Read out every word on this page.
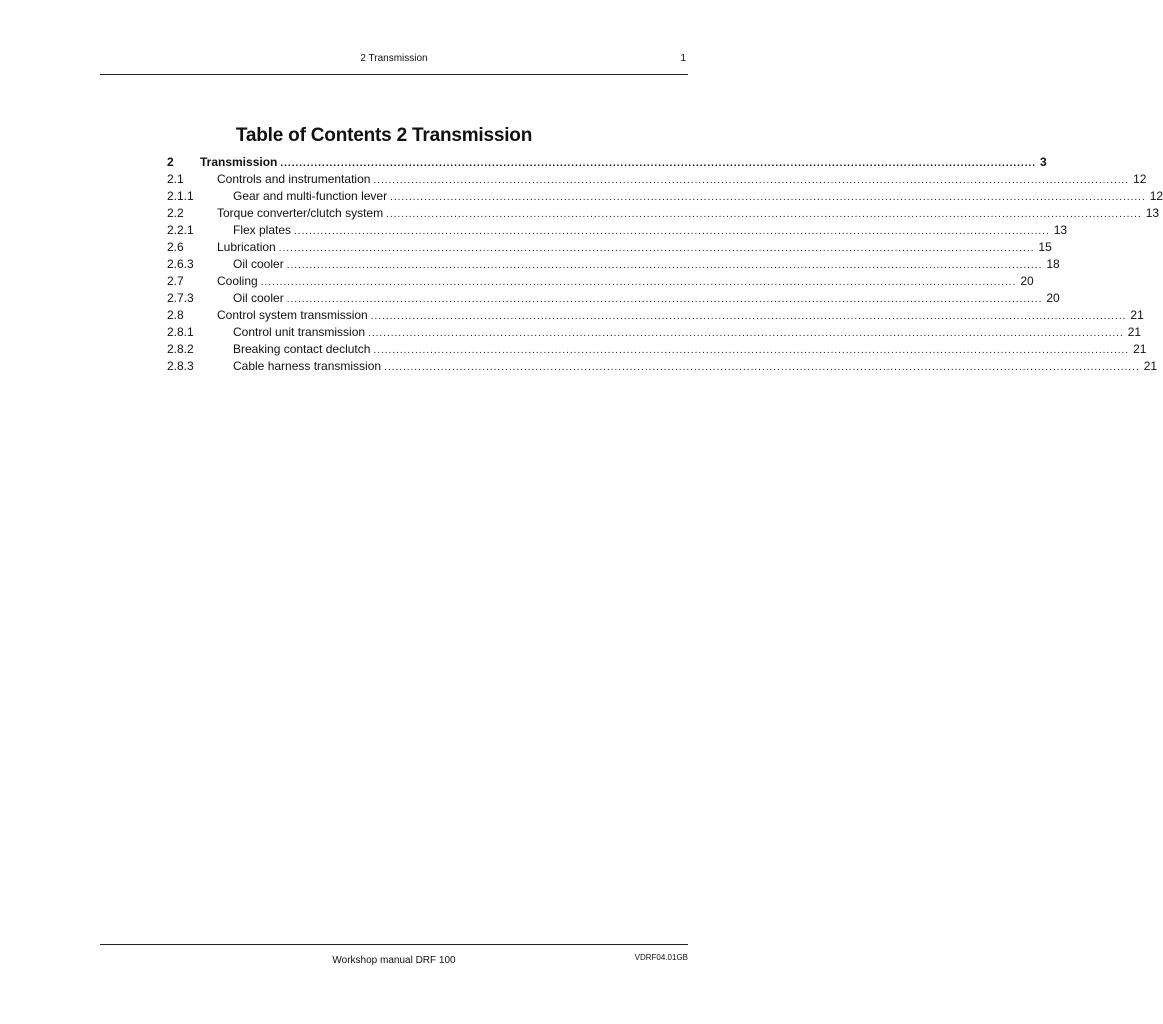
2 Transmission	1
Table of Contents 2 Transmission
2 Transmission ........................................................................................................................................................................................................ 3
2.1	Controls and instrumentation ........................................................................................................................................................................................................ 12
2.1.1	Gear and multi-function lever ........................................................................................................................................................................................................ 12
2.2	Torque converter/clutch system ........................................................................................................................................................................................................ 13
2.2.1	Flex plates ........................................................................................................................................................................................................ 13
2.6	Lubrication ........................................................................................................................................................................................................ 15
2.6.3	Oil cooler ........................................................................................................................................................................................................ 18
2.7	Cooling ........................................................................................................................................................................................................ 20
2.7.3	Oil cooler ........................................................................................................................................................................................................ 20
2.8	Control system transmission ........................................................................................................................................................................................................ 21
2.8.1	Control unit transmission ........................................................................................................................................................................................................ 21
2.8.2	Breaking contact declutch ........................................................................................................................................................................................................ 21
2.8.3	Cable harness transmission ........................................................................................................................................................................................................ 21
Workshop manual DRF 100	VDRF04.01GB
